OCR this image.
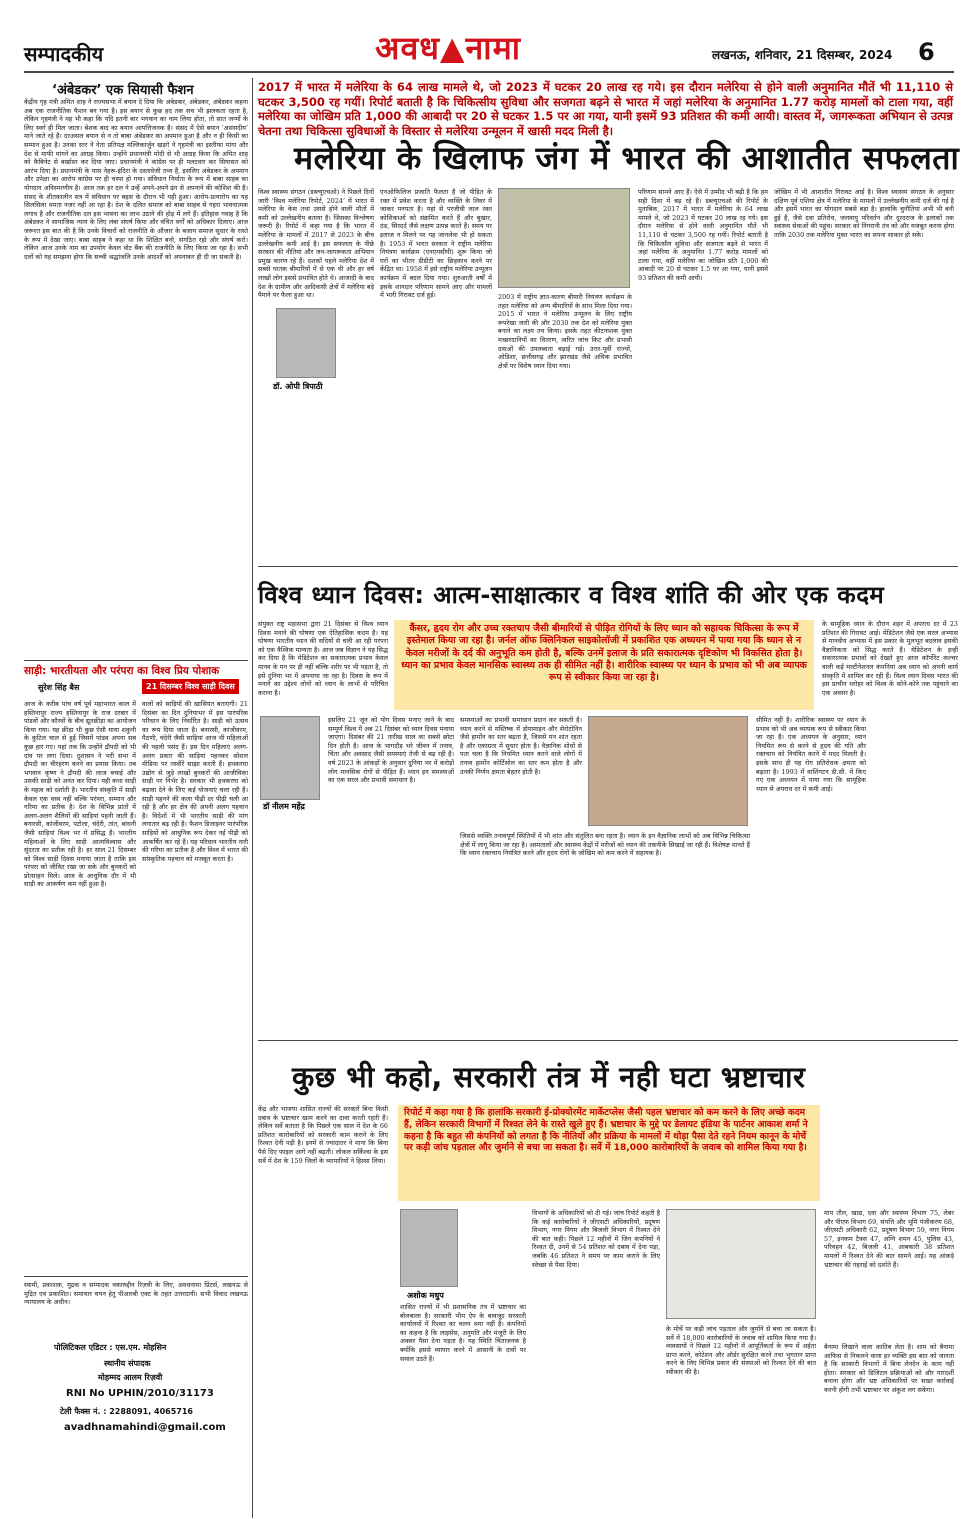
सम्पादकीय	अवध▲नामा	लखनऊ, शनिवार, 21 दिसम्बर, 2024 6
‘अंबेडकर’ एक सियासी फैशन
केंद्रीय गृह मंत्री अमित शाह ने राज्यसभा में बयान दे दिया कि अंबेडकर, अंबेडकर, अंबेडकर कहना अब एक राजनीतिक फैशन बन गया है। इस बयान से कुछ हद तक सच भी झलकता रहता है, लेकिन गृहमंत्री ने यह भी कहा कि यदि इतनी बार भगवान का नाम लिया होता, तो सात जन्मों के लिए स्वर्ग ही मिल जाता। बेशक बाद का बयान आपत्तिजनक है। संसद में ऐसे बयान ‘असंसदीय’ माने जाते रहे हैं। दरअसल बयान से न तो बाबा अंबेडकर का अपमान हुआ है और न ही किसी का सम्मान हुआ है। उनका स्तर ने नेता प्रतिपक्ष मल्लिकार्जुन खड़गे ने गृहमंत्री का इस्तीफा मांगा और देश से माफी मांगने का आग्रह किया। उन्होंने प्रधानमंत्री मोदी से भी आग्रह किया कि अमित शाह को कैबिनेट से बर्खास्त कर दिया जाए। प्रधानमंत्री ने कांग्रेस पर ही पलटवार कर सियासत को आरंभ दिया है। प्रधानमंत्री के पास नेहरू-इंदिरा के दस्तावेजी तथ्य हैं, इसलिए अंबेडकर के अपमान और उपेक्षा का आरोप कांग्रेस पर ही चस्पा हो गया। संविधान निर्माता के रूप में बाबा साहब का योगदान अविस्मरणीय है। आज तक हर दल ने उन्हें अपने-अपने ढंग से अपनाने की कोशिश की है। संसद के शीतकालीन सत्र में संविधान पर बहस के दौरान भी यही हुआ। आरोप-प्रत्यारोप का यह सिलसिला थमता नजर नहीं आ रहा है। देश के दलित समाज को बाबा साहब से गहरा भावनात्मक लगाव है और राजनीतिक दल इस भावना का लाभ उठाने की होड़ में लगे हैं। इतिहास गवाह है कि अंबेडकर ने सामाजिक न्याय के लिए लंबा संघर्ष किया और वंचित वर्गों को अधिकार दिलाए। आज जरूरत इस बात की है कि उनके विचारों को राजनीति के औजार के बजाय समाज सुधार के रास्ते के रूप में देखा जाए। बाबा साहब ने कहा था कि शिक्षित बनो, संगठित रहो और संघर्ष करो। लेकिन आज उनके नाम का उपयोग केवल वोट बैंक की राजनीति के लिए किया जा रहा है। सभी दलों को यह समझना होगा कि सच्ची श्रद्धांजलि उनके आदर्शों को अपनाकर ही दी जा सकती है।
साड़ी: भारतीयता और परंपरा का विश्व प्रिय पोशाक
सुरेश सिंह बैस	21 दिसम्बर विश्व साड़ी दिवस
आज के करीब पांच वर्ष पूर्व महाभारत काल में हस्तिनापुर राज्य हस्तिनापुर के राज दरबार में पांडवों और कौरवों के बीच द्यूतक्रीड़ा का आयोजन किया गया। यह क्रीड़ा भी कुछ ऐसी माया शकुनी के कुटिल चाल से हुई जिसमें पांडव अपना सब कुछ हार गए। यहां तक कि उन्होंने द्रौपदी को भी दांव पर लगा दिया। दुशासन ने भरी सभा में द्रौपदी का चीरहरण करने का प्रयास किया। तब भगवान कृष्ण ने द्रौपदी की लाज बचाई और उसकी साड़ी को अनंत कर दिया। यही कथा साड़ी के महत्व को दर्शाती है। भारतीय संस्कृति में साड़ी केवल एक वस्त्र नहीं बल्कि परंपरा, सम्मान और गरिमा का प्रतीक है। देश के विभिन्न प्रांतों में अलग-अलग शैलियों की साड़ियां पहनी जाती हैं। बनारसी, कांजीवरम, पटोला, चंदेरी, तांत, बांधनी जैसी साड़ियां विश्व भर में प्रसिद्ध हैं। भारतीय महिलाओं के लिए साड़ी आत्मविश्वास और सुंदरता का प्रतीक रही है। हर साल 21 दिसम्बर को विश्व साड़ी दिवस मनाया जाता है ताकि इस परंपरा को जीवित रखा जा सके और बुनकरों को प्रोत्साहन मिले। आज के आधुनिक दौर में भी साड़ी का आकर्षण कम नहीं हुआ है।
वालों को साड़ियों की खासियत बताएगी। 21 दिसंबर का दिन दुनियाभर में इस पारंपरिक परिधान के लिए निर्धारित है। साड़ी को उत्सव का रूप दिया जाता है। बनारसी, कांजीवरम, पैठणी, चंदेरी जैसी साड़ियां आज भी महिलाओं की पहली पसंद हैं। इस दिन महिलाएं अलग-अलग प्रकार की साड़ियां पहनकर सोशल मीडिया पर तस्वीरें साझा करती हैं। हथकरघा उद्योग से जुड़े लाखों बुनकरों की आजीविका साड़ी पर निर्भर है। सरकार भी हथकरघा को बढ़ावा देने के लिए कई योजनाएं चला रही है। साड़ी पहनने की कला पीढ़ी दर पीढ़ी चली आ रही है और हर क्षेत्र की अपनी अलग पहचान है। विदेशों में भी भारतीय साड़ी की मांग लगातार बढ़ रही है। फैशन डिजाइनर पारंपरिक साड़ियों को आधुनिक रूप देकर नई पीढ़ी को आकर्षित कर रहे हैं। यह परिधान भारतीय नारी की गरिमा का प्रतीक है और विश्व में भारत की सांस्कृतिक पहचान को मजबूत करता है।
स्वामी, प्रकाशक, मुद्रक व सम्पादक वकारुद्दीन रिज़वी के लिए, अवधनामा प्रिंटर्स, लखनऊ से मुद्रित एवं प्रकाशित। समाचार चयन हेतु पीआरबी एक्ट के तहत उत्तरदायी। सभी विवाद लखनऊ न्यायालय के अधीन।
पोलिटिकल एडिटर : एस.एम. मोहसिन
स्थानीय संपादक
मोहम्मद आलम रिज़वी
RNI No UPHIN/2010/31173
टेली फैक्स नं. : 2288091, 4065716
avadhnamahindi@gmail.com
2017 में भारत में मलेरिया के 64 लाख मामले थे, जो 2023 में घटकर 20 लाख रह गये। इस दौरान मलेरिया से होने वाली अनुमानित मौतें भी 11,110 से घटकर 3,500 रह गयीं। रिपोर्ट बताती है कि चिकित्सीय सुविधा और सजगता बढ़ने से भारत में जहां मलेरिया के अनुमानित 1.77 करोड़ मामलों को टाला गया, वहीं मलेरिया का जोखिम प्रति 1,000 की आबादी पर 20 से घटकर 1.5 पर आ गया, यानी इसमें 93 प्रतिशत की कमी आयी। वास्तव में, जागरूकता अभियान से उत्पन्न चेतना तथा चिकित्सा सुविधाओं के विस्तार से मलेरिया उन्मूलन में खासी मदद मिली है।
मलेरिया के खिलाफ जंग में भारत की आशातीत सफलता
विश्व स्वास्थ्य संगठन (डब्ल्यूएचओ) ने पिछले दिनों जारी ‘विश्व मलेरिया रिपोर्ट, 2024’ में भारत में मलेरिया के केस तथा उससे होने वाली मौतों में कमी को उल्लेखनीय बताया है। जिसका विश्लेषण जरूरी है। रिपोर्ट में कहा गया है कि भारत में मलेरिया के मामलों में 2017 से 2023 के बीच उल्लेखनीय कमी आई है। इस सफलता के पीछे सरकार की नीतियां और जन-जागरूकता अभियान प्रमुख कारण रहे हैं। दशकों पहले मलेरिया देश में सबसे घातक बीमारियों में से एक थी और हर वर्ष लाखों लोग इससे प्रभावित होते थे। आजादी के बाद देश के ग्रामीण और आदिवासी क्षेत्रों में मलेरिया बड़े पैमाने पर फैला हुआ था।
डॉ. ओपी त्रिपाठी
एनओफिलिज प्रजाति फैलता है जो पीड़ित के रक्त में प्रवेश करता है और व्यक्ति के लिवर में जाकर पनपता है। यहां से परजीवी लाल रक्त कोशिकाओं को संक्रमित करते हैं और बुखार, ठंड, सिरदर्द जैसे लक्षण उत्पन्न करते हैं। समय पर इलाज न मिलने पर यह जानलेवा भी हो सकता है। 1953 में भारत सरकार ने राष्ट्रीय मलेरिया नियंत्रण कार्यक्रम (एनएमसीपी) शुरू किया जो घरों का भीतर डीडीटी का छिड़काव करने पर केंद्रित था। 1958 में इसे राष्ट्रीय मलेरिया उन्मूलन कार्यक्रम में बदल दिया गया। शुरुआती वर्षों में इसके शानदार परिणाम सामने आए और मामलों में भारी गिरावट दर्ज हुई।	2003 में राष्ट्रीय ज्ञात-कारण बीमारी नियंत्रण कार्यक्रम के तहत मलेरिया को अन्य बीमारियों के साथ मिला दिया गया। 2015 में भारत ने मलेरिया उन्मूलन के लिए राष्ट्रीय रूपरेखा जारी की और 2030 तक देश को मलेरिया मुक्त बनाने का लक्ष्य तय किया। इसके तहत कीटनाशक युक्त मच्छरदानियों का वितरण, त्वरित जांच किट और प्रभावी दवाओं की उपलब्धता बढ़ाई गई। उत्तर-पूर्वी राज्यों, ओडिशा, छत्तीसगढ़ और झारखंड जैसे अधिक प्रभावित क्षेत्रों पर विशेष ध्यान दिया गया।
परिणाम सामने आए हैं। ऐसे में उम्मीद भी बढ़ी है कि हम सही दिशा में बढ़ रहे हैं। डब्ल्यूएचओ की रिपोर्ट के मुताबिक, 2017 में भारत में मलेरिया के 64 लाख मामले थे, जो 2023 में घटकर 20 लाख रह गये। इस दौरान मलेरिया से होने वाली अनुमानित मौतें भी 11,110 से घटकर 3,500 रह गयीं। रिपोर्ट बताती है कि चिकित्सीय सुविधा और सजगता बढ़ने से भारत में जहां मलेरिया के अनुमानित 1.77 करोड़ मामलों को टाला गया, वहीं मलेरिया का जोखिम प्रति 1,000 की आबादी पर 20 से घटकर 1.5 पर आ गया, यानी इसमें 93 प्रतिशत की कमी आयी।
जोखिम में भी आशातीत गिरावट आई है। विश्व स्वास्थ्य संगठन के अनुसार दक्षिण पूर्व एशिया क्षेत्र में मलेरिया के मामलों में उल्लेखनीय कमी दर्ज की गई है और इसमें भारत का योगदान सबसे बड़ा है। हालांकि चुनौतियां अभी भी बनी हुई हैं, जैसे दवा प्रतिरोध, जलवायु परिवर्तन और दूरदराज के इलाकों तक स्वास्थ्य सेवाओं की पहुंच। सरकार को निगरानी तंत्र को और मजबूत करना होगा ताकि 2030 तक मलेरिया मुक्त भारत का सपना साकार हो सके।
विश्व ध्यान दिवस: आत्म-साक्षात्कार व विश्व शांति की ओर एक कदम
संयुक्त राष्ट्र महासभा द्वारा 21 दिसंबर से विश्व ध्यान दिवस मनाने की घोषणा एक ऐतिहासिक कदम है। यह घोषणा भारतीय ध्यान की सदियों से चली आ रही परंपरा को एक वैश्विक मान्यता है। आज जब विज्ञान ने यह सिद्ध कर दिया है कि मेडिटेशन का सकारात्मक प्रभाव केवल मानव के मन पर ही नहीं बल्कि शरीर पर भी पड़ता है, तो इसे दुनिया भर में अपनाया जा रहा है। दिवस के रूप में मनाने का उद्देश्य लोगों को ध्यान के लाभों से परिचित कराना है।
कैंसर, हृदय रोग और उच्च रक्तचाप जैसी बीमारियों से पीड़ित रोगियों के लिए ध्यान को सहायक चिकित्सा के रूप में इस्तेमाल किया जा रहा है। जर्नल ऑफ क्लिनिकल साइकोलॉजी में प्रकाशित एक अध्ययन में पाया गया कि ध्यान से न केवल मरीजों के दर्द की अनुभूति कम होती है, बल्कि उनमें इलाज के प्रति सकारात्मक दृष्टिकोण भी विकसित होता है। ध्यान का प्रभाव केवल मानसिक स्वास्थ्य तक ही सीमित नहीं है। शारीरिक स्वास्थ्य पर ध्यान के प्रभाव को भी अब व्यापक रूप से स्वीकार किया जा रहा है।
डॉ नीलम महेंद्र
इसलिए 21 जून को योग दिवस मनाए जाने के बाद सम्पूर्ण विश्व में अब 21 दिसंबर को ध्यान दिवस मनाया जाएगा। दिसंबर की 21 तारीख साल का सबसे छोटा दिन होती है। आज के भागदौड़ भरे जीवन में तनाव, चिंता और अवसाद जैसी समस्याएं तेजी से बढ़ रही हैं। वर्ष 2023 के आंकड़ों के अनुसार दुनिया भर में करोड़ों लोग मानसिक रोगों से पीड़ित हैं। ध्यान इन समस्याओं का एक सरल और प्रभावी समाधान है।
समस्याओं का प्रभावी समाधान प्रदान कर सकती है। ध्यान करने से मस्तिष्क में डोपामाइन और सेरोटोनिन जैसे हार्मोन का स्तर बढ़ता है, जिससे मन शांत रहता है और एकाग्रता में सुधार होता है। वैज्ञानिक शोधों से पता चला है कि नियमित ध्यान करने वाले लोगों में तनाव हार्मोन कोर्टिसोल का स्तर कम होता है और उनकी निर्णय क्षमता बेहतर होती है।
जिससे व्यक्ति तनावपूर्ण स्थितियों में भी शांत और संतुलित बना रहता है। ध्यान के इन वैज्ञानिक लाभों को अब विभिन्न चिकित्सा क्षेत्रों में लागू किया जा रहा है। अस्पतालों और स्वास्थ्य केंद्रों में मरीजों को ध्यान की तकनीकें सिखाई जा रही हैं। विशेषज्ञ मानते हैं कि ध्यान रक्तचाप नियंत्रित करने और हृदय रोगों के जोखिम को कम करने में सहायक है।
सीमित नहीं है। शारीरिक स्वास्थ्य पर ध्यान के प्रभाव को भी अब व्यापक रूप से स्वीकार किया जा रहा है। एक अध्ययन के अनुसार, ध्यान नियमित रूप से करने से हृदय की गति और रक्तचाप को नियंत्रित करने में मदद मिलती है। इसके साथ ही यह रोग प्रतिरोधक क्षमता को बढ़ाता है। 1993 में वाशिंगटन डी.सी. में किए गए एक अध्ययन में पाया गया कि सामूहिक ध्यान से अपराध दर में कमी आई।
के सामूहिक ध्यान के दौरान शहर में अपराध दर में 23 प्रतिशत की गिरावट आई। मेडिटेशन जैसे एक सरल अभ्यास से मानवीय अभ्यास में इस प्रकार के मूलभूत बदलाव इसकी वैज्ञानिकता को सिद्ध करते हैं। मेडिटेशन के इन्हीं सकारात्मक प्रभावों को देखते हुए आज कॉर्पोरेट कल्चर वाली कई मल्टीनेशनल कंपनियां अब ध्यान को अपनी कार्य संस्कृति में शामिल कर रही हैं। विश्व ध्यान दिवस भारत की इस प्राचीन धरोहर को विश्व के कोने-कोने तक पहुंचाने का एक अवसर है।
कुछ भी कहो, सरकारी तंत्र में नही घटा भ्रष्टाचार
केंद्र और भाजपा शासित राज्यों की सरकारें बिना किसी दबाव के भ्रष्टाचार खत्म करने का दावा करती रहती हैं। लेकिन सर्वे बताता है कि पिछले एक साल में देश के 66 प्रतिशत कारोबारियों को सरकारी काम कराने के लिए रिश्वत देनी पड़ी है। इनमें से ज्यादातर ने माना कि बिना पैसे दिए फाइल आगे नहीं बढ़ती। लोकल सर्किल्स के इस सर्वे में देश के 159 जिलों के व्यापारियों ने हिस्सा लिया।
रिपोर्ट में कहा गया है कि हालांकि सरकारी ई-प्रोक्योरमेंट मार्केटप्लेस जैसी पहल भ्रष्टाचार को कम करने के लिए अच्छे कदम हैं, लेकिन सरकारी विभागों में रिश्वत लेने के रास्ते खुले हुए हैं। भ्रष्टाचार के मुद्दे पर डेलायट इंडिया के पार्टनर आकाश शर्मा ने कहना है कि बहुत सी कंपनियों को लगता है कि नीतियों और प्रक्रिया के मामलों में थोड़ा पैसा देते रहने नियम कानून के मोर्चे पर कड़ी जांच पड़ताल और जुर्माने से बचा जा सकता है। सर्वे में 18,000 कारोबारियों के जवाब को शामिल किया गया है।
अशोक मधुप
शासित राज्यों में भी प्रशासनिक तंत्र में भ्रष्टाचार का बोलबाला है। सरकारी भीम ऐप के बावजूद सरकारी कार्यालयों में रिश्वत का चलन थमा नहीं है। कंपनियों का कहना है कि लाइसेंस, अनुमति और मंजूरी के लिए अक्सर पैसा देना पड़ता है। यह स्थिति चिंताजनक है क्योंकि इससे व्यापार करने में आसानी के दावों पर सवाल उठते हैं।
विभागों के अधिकारियों को दी गई। जांच रिपोर्ट कहती है कि कई कारोबारियों ने जीएसटी अधिकारियों, प्रदूषण विभाग, नगर निगम और बिजली विभाग में रिश्वत देने की बात कही। पिछले 12 महीनों में जिन कंपनियों ने रिश्वत दी, उनमें से 54 प्रतिशत को दबाव में देना पड़ा, जबकि 46 प्रतिशत ने समय पर काम कराने के लिए स्वेच्छा से पैसा दिया।
के मोर्चे पर कड़ी जांच पड़ताल और जुर्माने से बचा जा सकता है। सर्वे में 18,000 कारोबारियों के जवाब को शामिल किया गया है। व्यवसायों ने पिछले 12 महीनों में आपूर्तिकर्ता के रूप में अर्हता प्राप्त करने, कोटेशन और ऑर्डर सुरक्षित करने तथा भुगतान प्राप्त करने के लिए विभिन्न प्रकार की संस्थाओं को रिश्वत देने की बात स्वीकार की है।
माप तौल, खाद्य, दवा और स्वास्थ्य विभाग 75, लेबर और पीएफ विभाग 69, संपत्ति और भूमि पंजीकरण 68, जीएसटी अधिकारी 62, प्रदूषण विभाग 59, नगर निगम 57, इनकम टैक्स 47, अग्नि शमन 45, पुलिस 43, परिवहन 42, बिजली 41, आबकारी 38 प्रतिशत मामलों में रिश्वत देने की बात सामने आई। यह आंकड़े भ्रष्टाचार की गहराई को दर्शाते हैं।
बैनामा लिखाने वाला कातिब लेता है। शाम को बैनामा आफिस से निकलने वाला हर व्यक्ति इस बात को जानता है कि सरकारी विभागों में बिना लेनदेन के काम नहीं होता। सरकार को डिजिटल प्रक्रियाओं को और पारदर्शी बनाना होगा और भ्रष्ट अधिकारियों पर सख्त कार्रवाई करनी होगी तभी भ्रष्टाचार पर अंकुश लग सकेगा।
